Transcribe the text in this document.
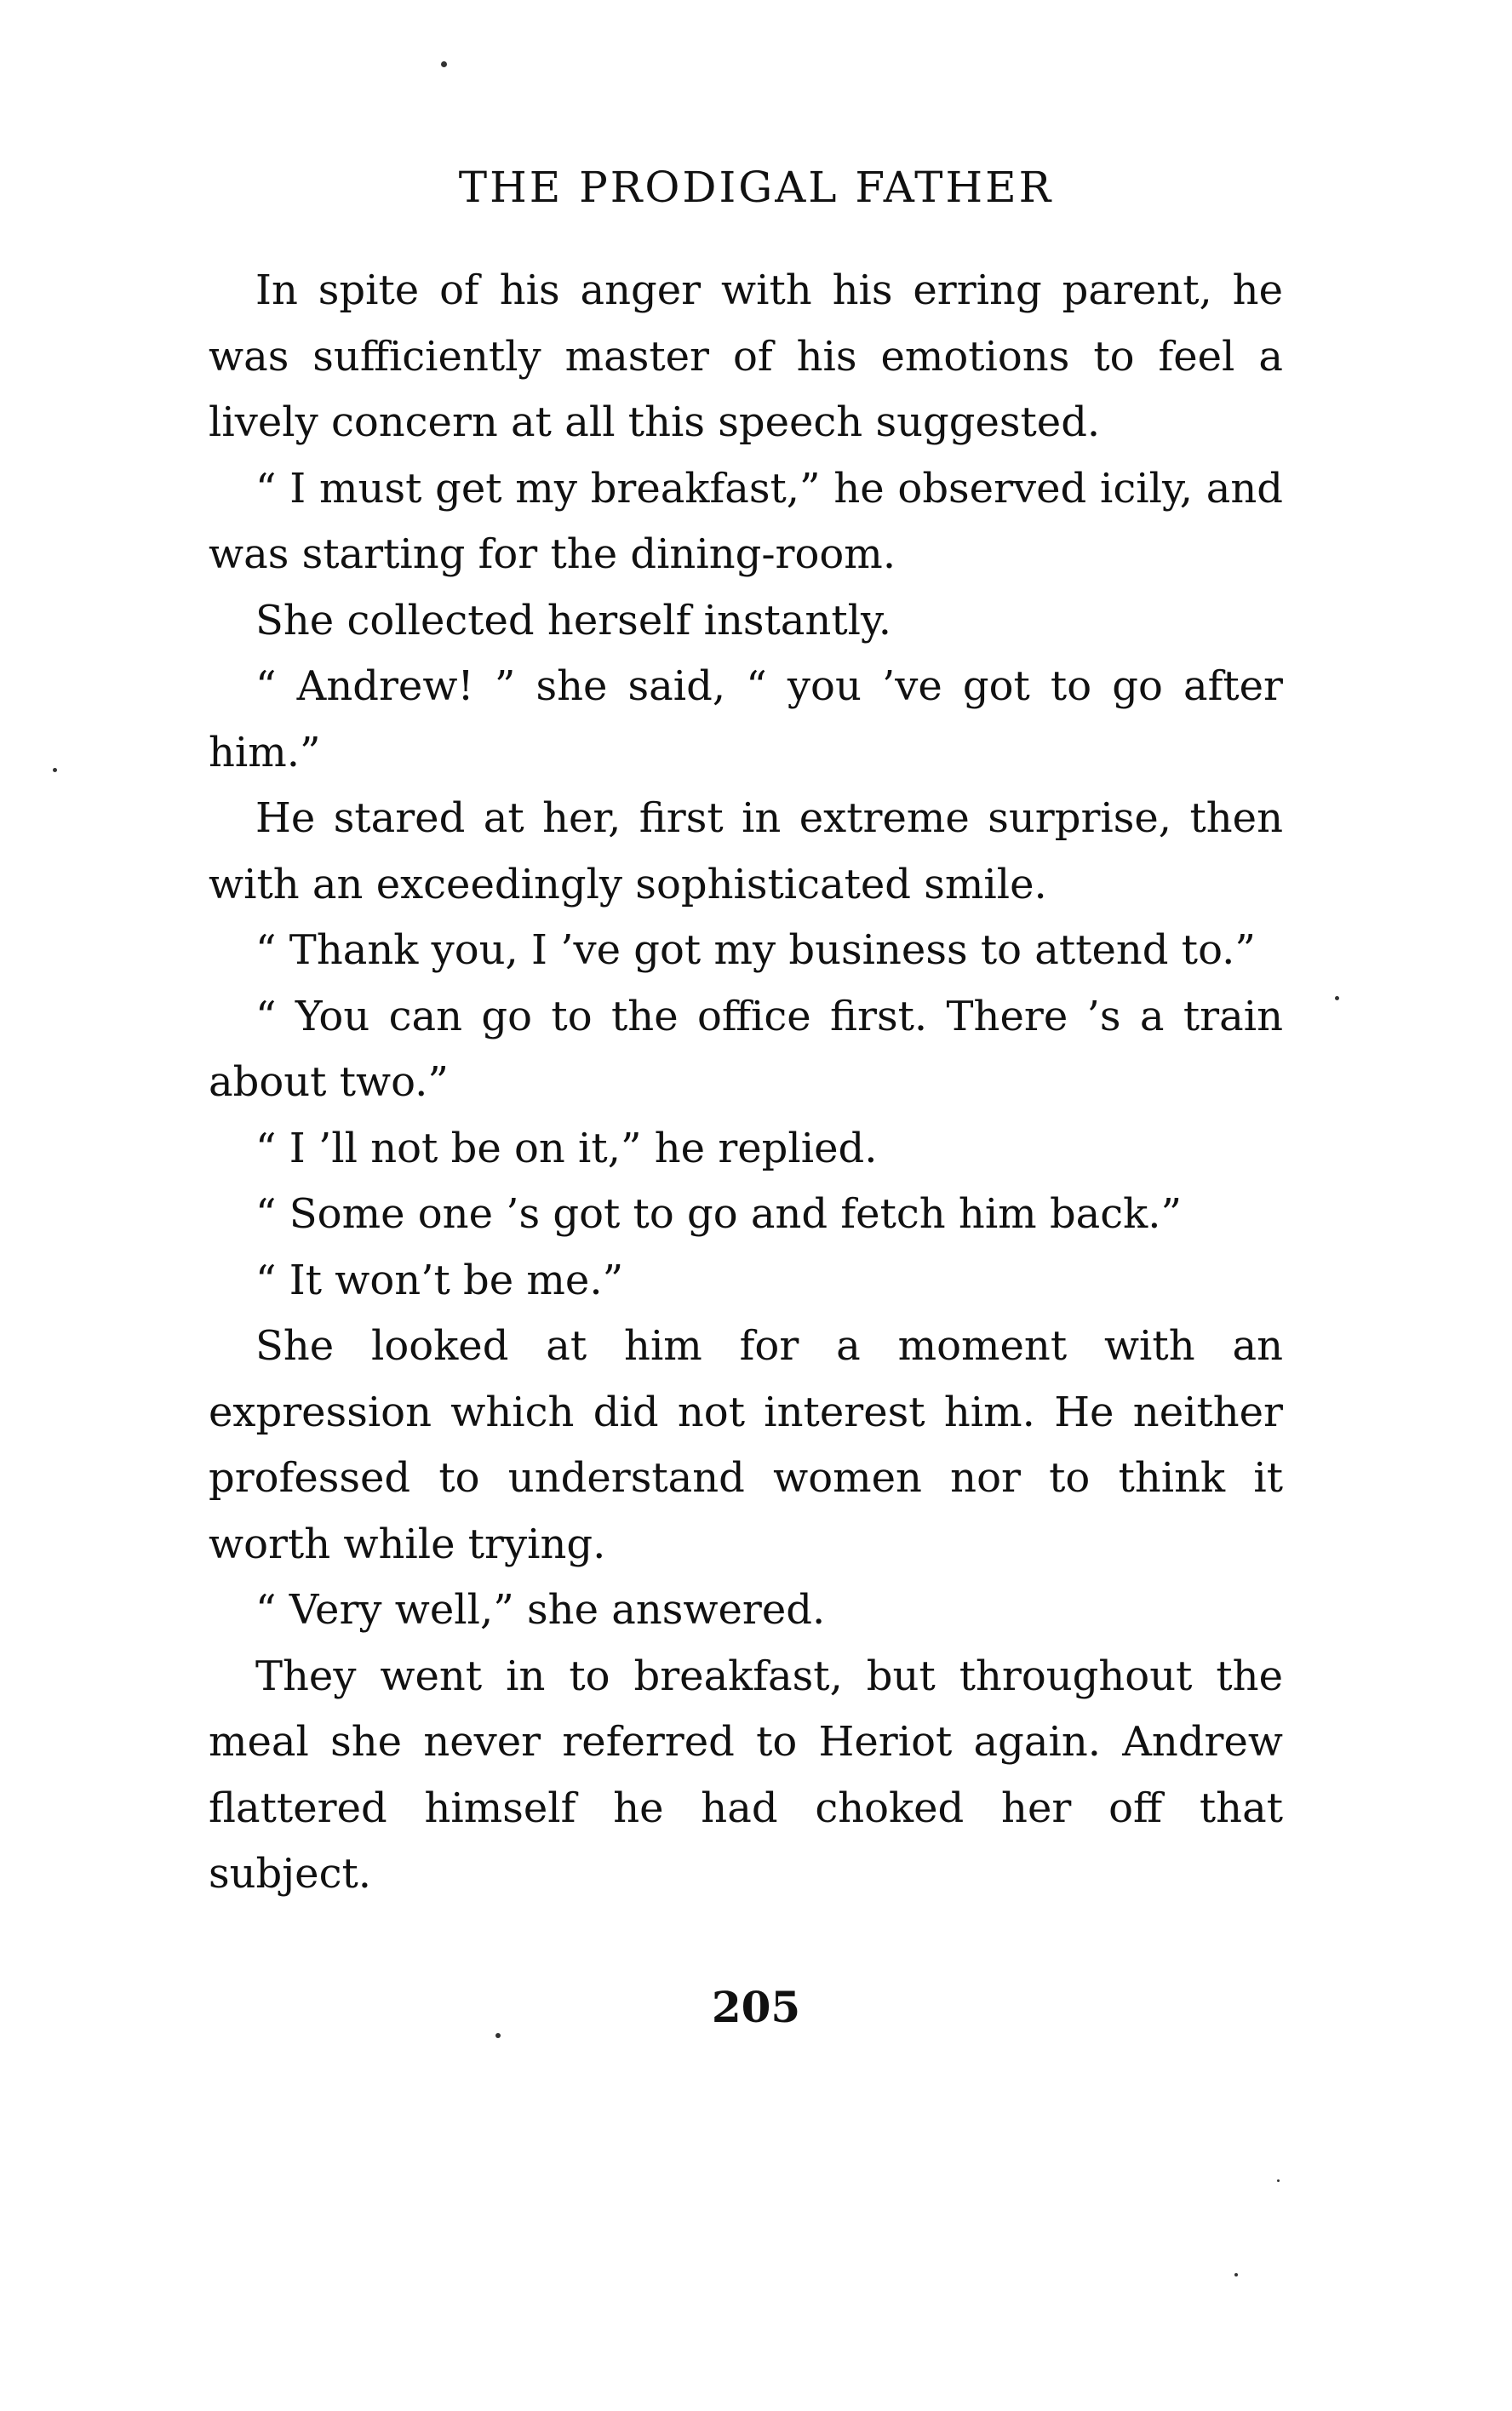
THE PRODIGAL FATHER

In spite of his anger with his erring parent, he was sufficiently master of his emotions to feel a lively concern at all this speech suggested.

“ I must get my breakfast,” he observed icily, and was starting for the dining-room.

She collected herself instantly.

“ Andrew! ” she said, “ you ’ve got to go after him.”

He stared at her, first in extreme surprise, then with an exceedingly sophisticated smile.

“ Thank you, I ’ve got my business to attend to.”

“ You can go to the office first. There ’s a train about two.”

“ I ’ll not be on it,” he replied.

“ Some one ’s got to go and fetch him back.”

“ It won’t be me.”

She looked at him for a moment with an expression which did not interest him. He neither professed to understand women nor to think it worth while trying.

“ Very well,” she answered.

They went in to breakfast, but throughout the meal she never referred to Heriot again. Andrew flattered himself he had choked her off that subject.

205
